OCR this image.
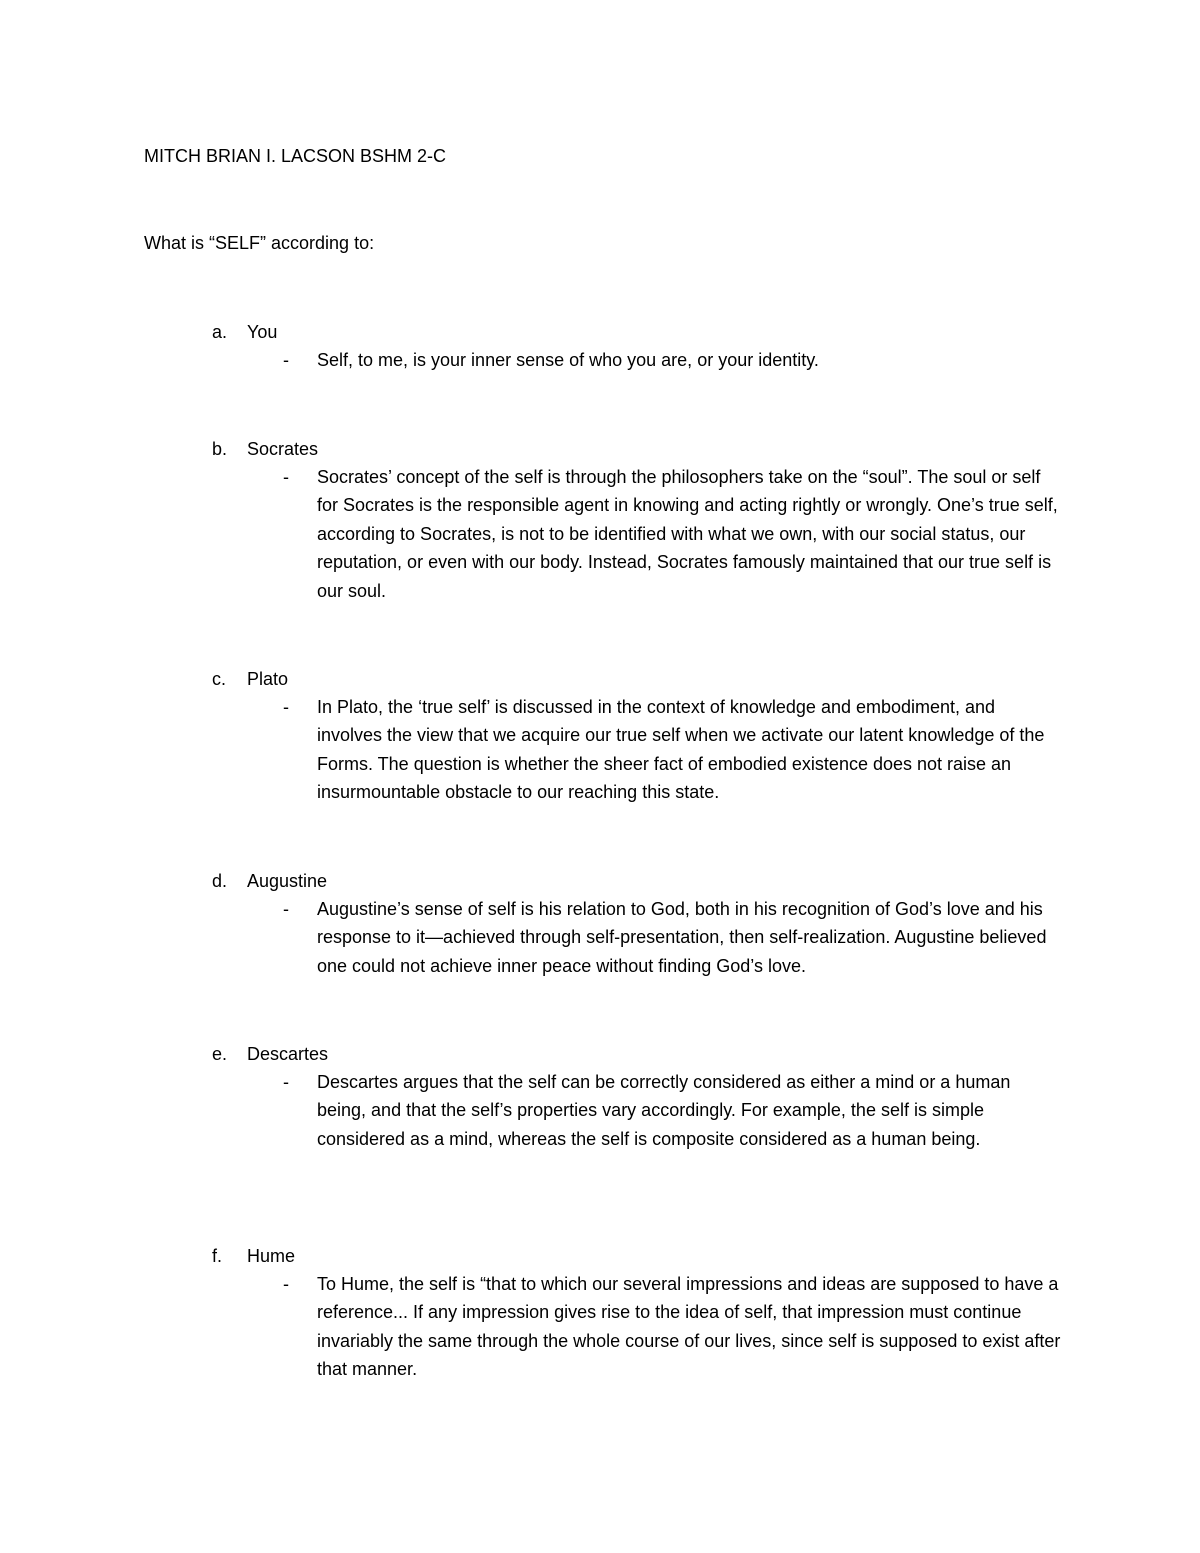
MITCH BRIAN I. LACSON BSHM 2-C
What is “SELF” according to:
a. You
- Self, to me, is your inner sense of who you are, or your identity.

b. Socrates
- Socrates’ concept of the self is through the philosophers take on the “soul”. The soul or self for Socrates is the responsible agent in knowing and acting rightly or wrongly. One’s true self, according to Socrates, is not to be identified with what we own, with our social status, our reputation, or even with our body. Instead, Socrates famously maintained that our true self is our soul.

c. Plato
- In Plato, the ‘true self’ is discussed in the context of knowledge and embodiment, and involves the view that we acquire our true self when we activate our latent knowledge of the Forms. The question is whether the sheer fact of embodied existence does not raise an insurmountable obstacle to our reaching this state.

d. Augustine
- Augustine’s sense of self is his relation to God, both in his recognition of God’s love and his response to it—achieved through self-presentation, then self-realization. Augustine believed one could not achieve inner peace without finding God’s love.

e. Descartes
- Descartes argues that the self can be correctly considered as either a mind or a human being, and that the self’s properties vary accordingly. For example, the self is simple considered as a mind, whereas the self is composite considered as a human being.

f. Hume
- To Hume, the self is “that to which our several impressions and ideas are supposed to have a reference... If any impression gives rise to the idea of self, that impression must continue invariably the same through the whole course of our lives, since self is supposed to exist after that manner.
